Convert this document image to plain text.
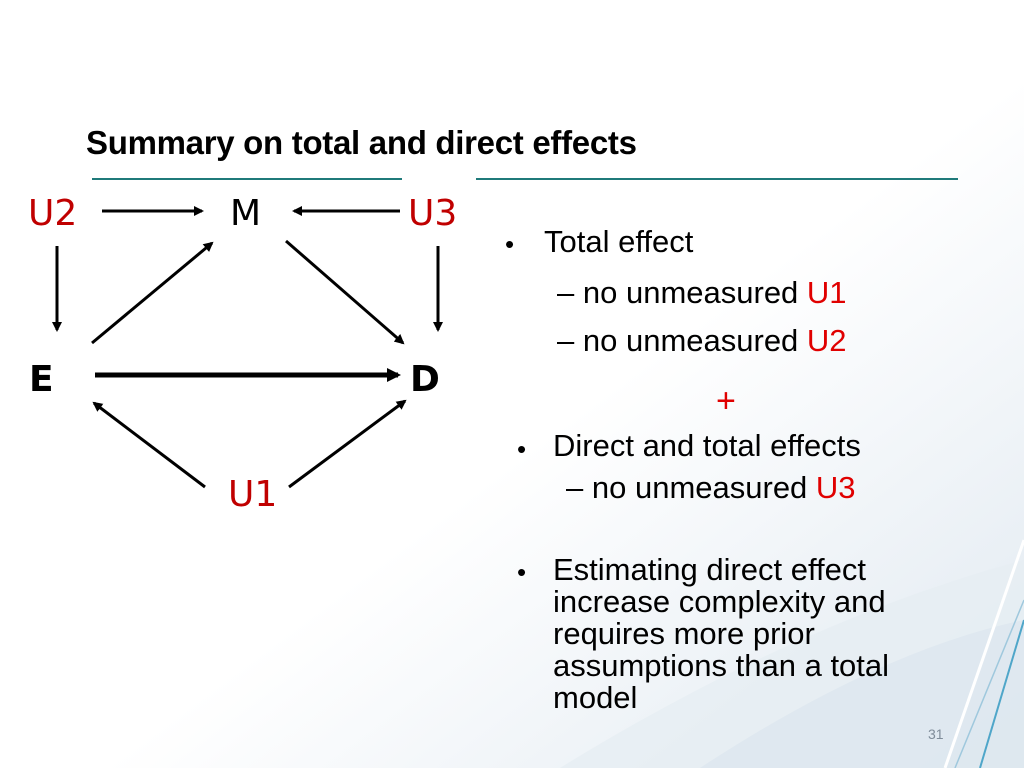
Summary on total and direct effects
U2	M	U3
E	D
U1
• Total effect
– no unmeasured U1
– no unmeasured U2
+
• Direct and total effects
– no unmeasured U3
• Estimating direct effect increase complexity and requires more prior assumptions than a total model
31
